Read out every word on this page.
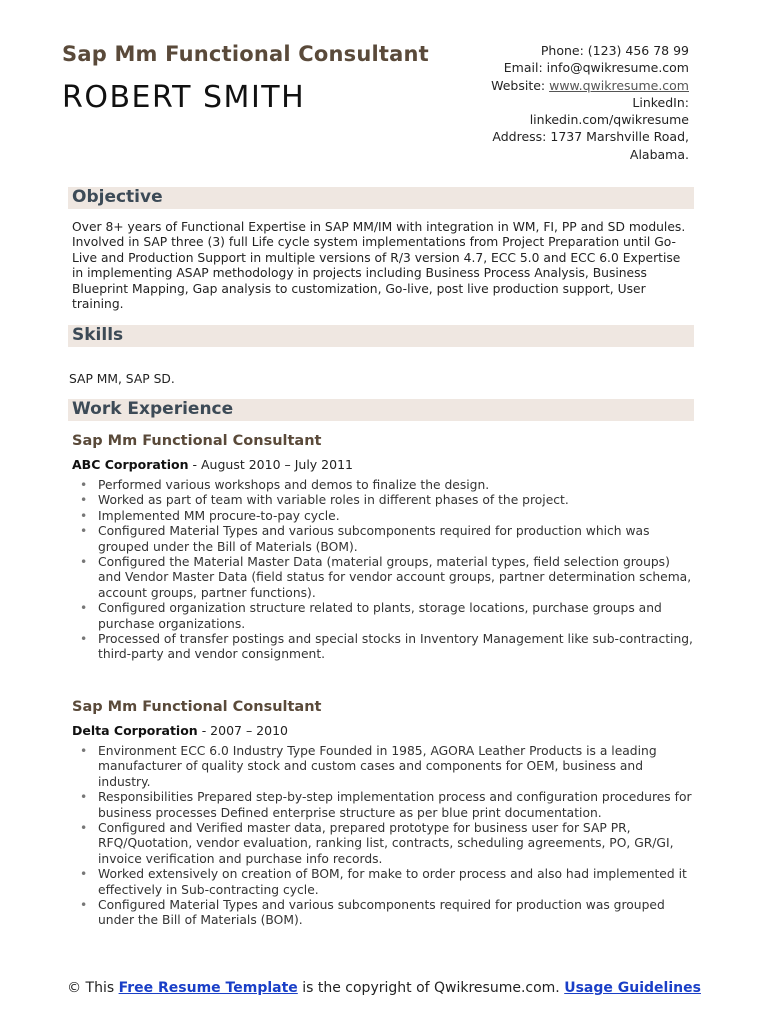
Sap Mm Functional Consultant
ROBERT SMITH
Phone: (123) 456 78 99
Email: info@qwikresume.com
Website: www.qwikresume.com
LinkedIn:
linkedin.com/qwikresume
Address: 1737 Marshville Road,
Alabama.
Objective
Over 8+ years of Functional Expertise in SAP MM/IM with integration in WM, FI, PP and SD modules. Involved in SAP three (3) full Life cycle system implementations from Project Preparation until Go-Live and Production Support in multiple versions of R/3 version 4.7, ECC 5.0 and ECC 6.0 Expertise in implementing ASAP methodology in projects including Business Process Analysis, Business Blueprint Mapping, Gap analysis to customization, Go-live, post live production support, User training.
Skills
SAP MM, SAP SD.
Work Experience
Sap Mm Functional Consultant
ABC Corporation - August 2010 – July 2011
• Performed various workshops and demos to finalize the design.
• Worked as part of team with variable roles in different phases of the project.
• Implemented MM procure-to-pay cycle.
• Configured Material Types and various subcomponents required for production which was grouped under the Bill of Materials (BOM).
• Configured the Material Master Data (material groups, material types, field selection groups) and Vendor Master Data (field status for vendor account groups, partner determination schema, account groups, partner functions).
• Configured organization structure related to plants, storage locations, purchase groups and purchase organizations.
• Processed of transfer postings and special stocks in Inventory Management like sub-contracting, third-party and vendor consignment.
Sap Mm Functional Consultant
Delta Corporation - 2007 – 2010
• Environment ECC 6.0 Industry Type Founded in 1985, AGORA Leather Products is a leading manufacturer of quality stock and custom cases and components for OEM, business and industry.
• Responsibilities Prepared step-by-step implementation process and configuration procedures for business processes Defined enterprise structure as per blue print documentation.
• Configured and Verified master data, prepared prototype for business user for SAP PR, RFQ/Quotation, vendor evaluation, ranking list, contracts, scheduling agreements, PO, GR/GI, invoice verification and purchase info records.
• Worked extensively on creation of BOM, for make to order process and also had implemented it effectively in Sub-contracting cycle.
• Configured Material Types and various subcomponents required for production was grouped under the Bill of Materials (BOM).
© This Free Resume Template is the copyright of Qwikresume.com. Usage Guidelines
